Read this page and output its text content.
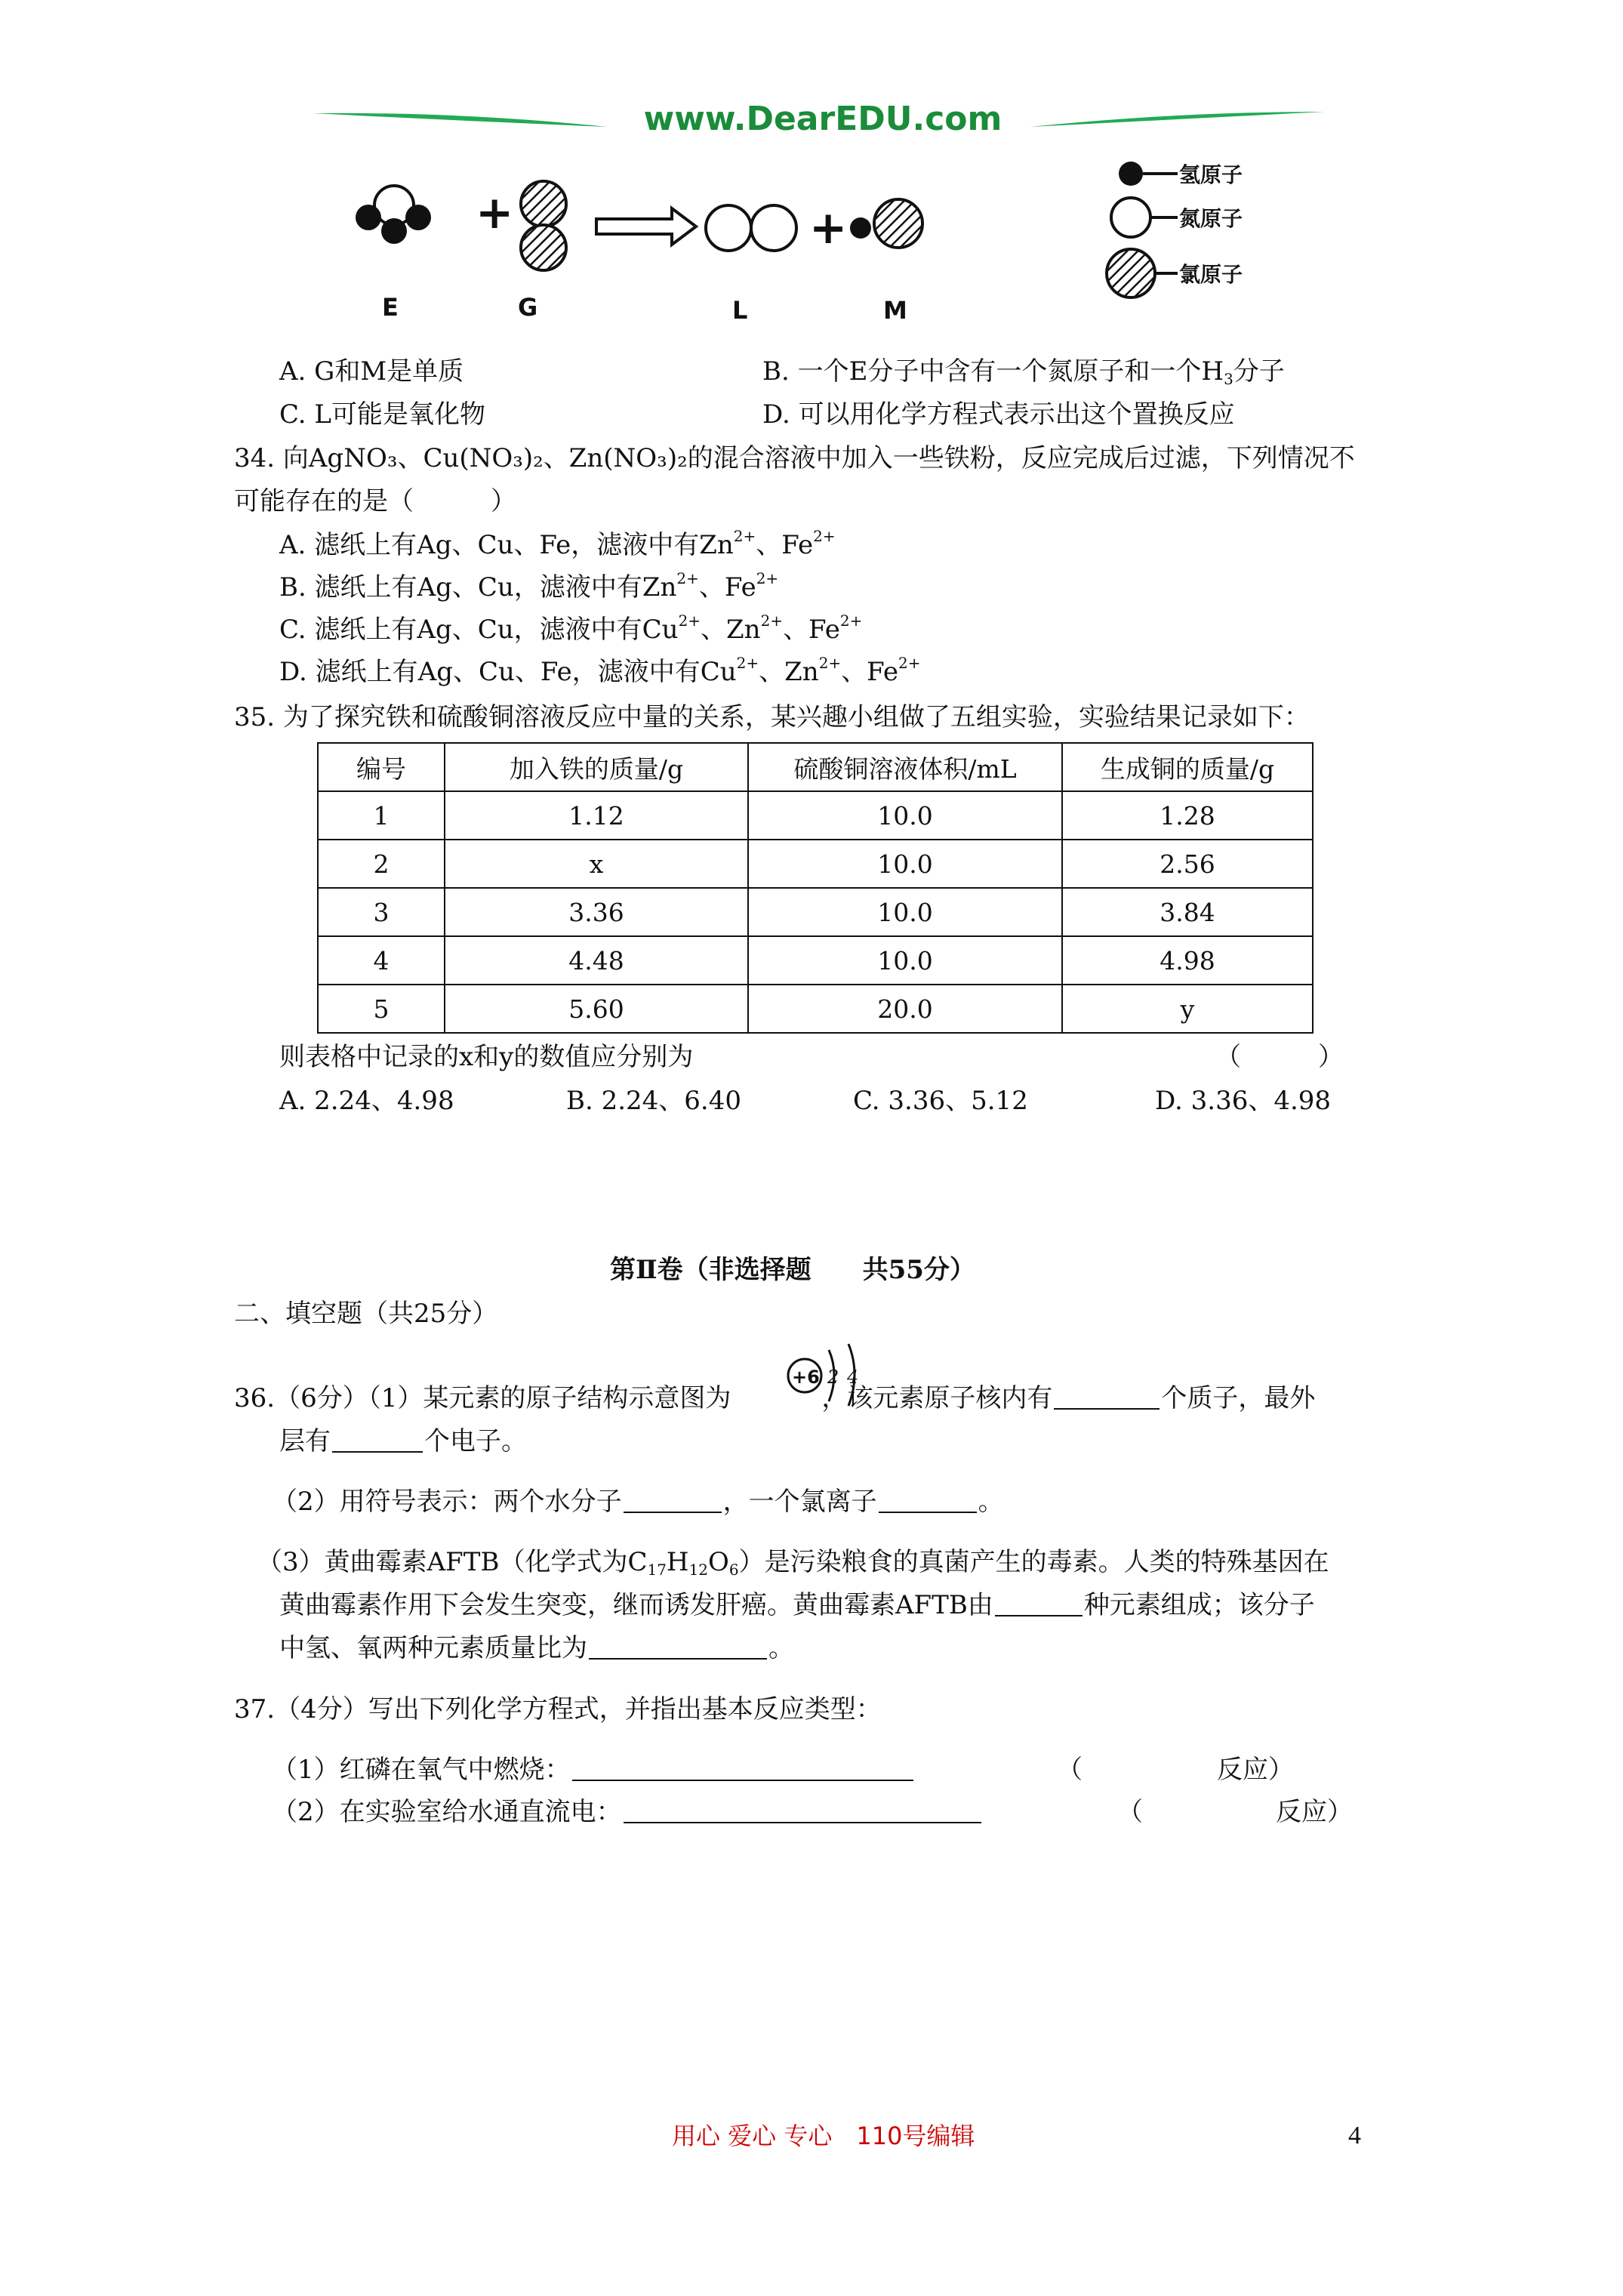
www.DearEDU.com
+	+
E	G	L	M
氢原子
氮原子
氯原子
A. G和M是单质	B. 一个E分子中含有一个氮原子和一个$H_3$分子
C. L可能是氧化物	D. 可以用化学方程式表示出这个置换反应
34. 向AgNO₃、Cu(NO₃)₂、Zn(NO₃)₂的混合溶液中加入一些铁粉，反应完成后过滤，下列情况不
可能存在的是（　　　）
A. 滤纸上有Ag、Cu、Fe，滤液中有$Zn^{2+}$、$Fe^{2+}$
B. 滤纸上有Ag、Cu，滤液中有$Zn^{2+}$、$Fe^{2+}$
C. 滤纸上有Ag、Cu，滤液中有$Cu^{2+}$、$Zn^{2+}$、$Fe^{2+}$
D. 滤纸上有Ag、Cu、Fe，滤液中有$Cu^{2+}$、$Zn^{2+}$、$Fe^{2+}$
35. 为了探究铁和硫酸铜溶液反应中量的关系，某兴趣小组做了五组实验，实验结果记录如下：
编号	加入铁的质量/g	硫酸铜溶液体积/mL	生成铜的质量/g
1	1.12	10.0	1.28
2	x	10.0	2.56
3	3.36	10.0	3.84
4	4.48	10.0	4.98
5	5.60	20.0	y
则表格中记录的x和y的数值应分别为	（　　　）
A. 2.24、4.98	B. 2.24、6.40	C. 3.36、5.12	D. 3.36、4.98
第Ⅱ卷（非选择题　　共55分）
二、填空题（共25分）
36.（6分）（1）某元素的原子结构示意图为	，该元素原子核内有	个质子，最外
+6 2 4
层有	个电子。
（2）用符号表示：两个水分子	，一个氯离子	。
（3）黄曲霉素AFTB（化学式为$C_{17}H_{12}O_6$）是污染粮食的真菌产生的毒素。人类的特殊基因在
黄曲霉素作用下会发生突变，继而诱发肝癌。黄曲霉素AFTB由	种元素组成；该分子
中氢、氧两种元素质量比为	。
37.（4分）写出下列化学方程式，并指出基本反应类型：
（1）红磷在氧气中燃烧：	（	反应）
（2）在实验室给水通直流电：	（	反应）
用心 爱心 专心　110号编辑	4
